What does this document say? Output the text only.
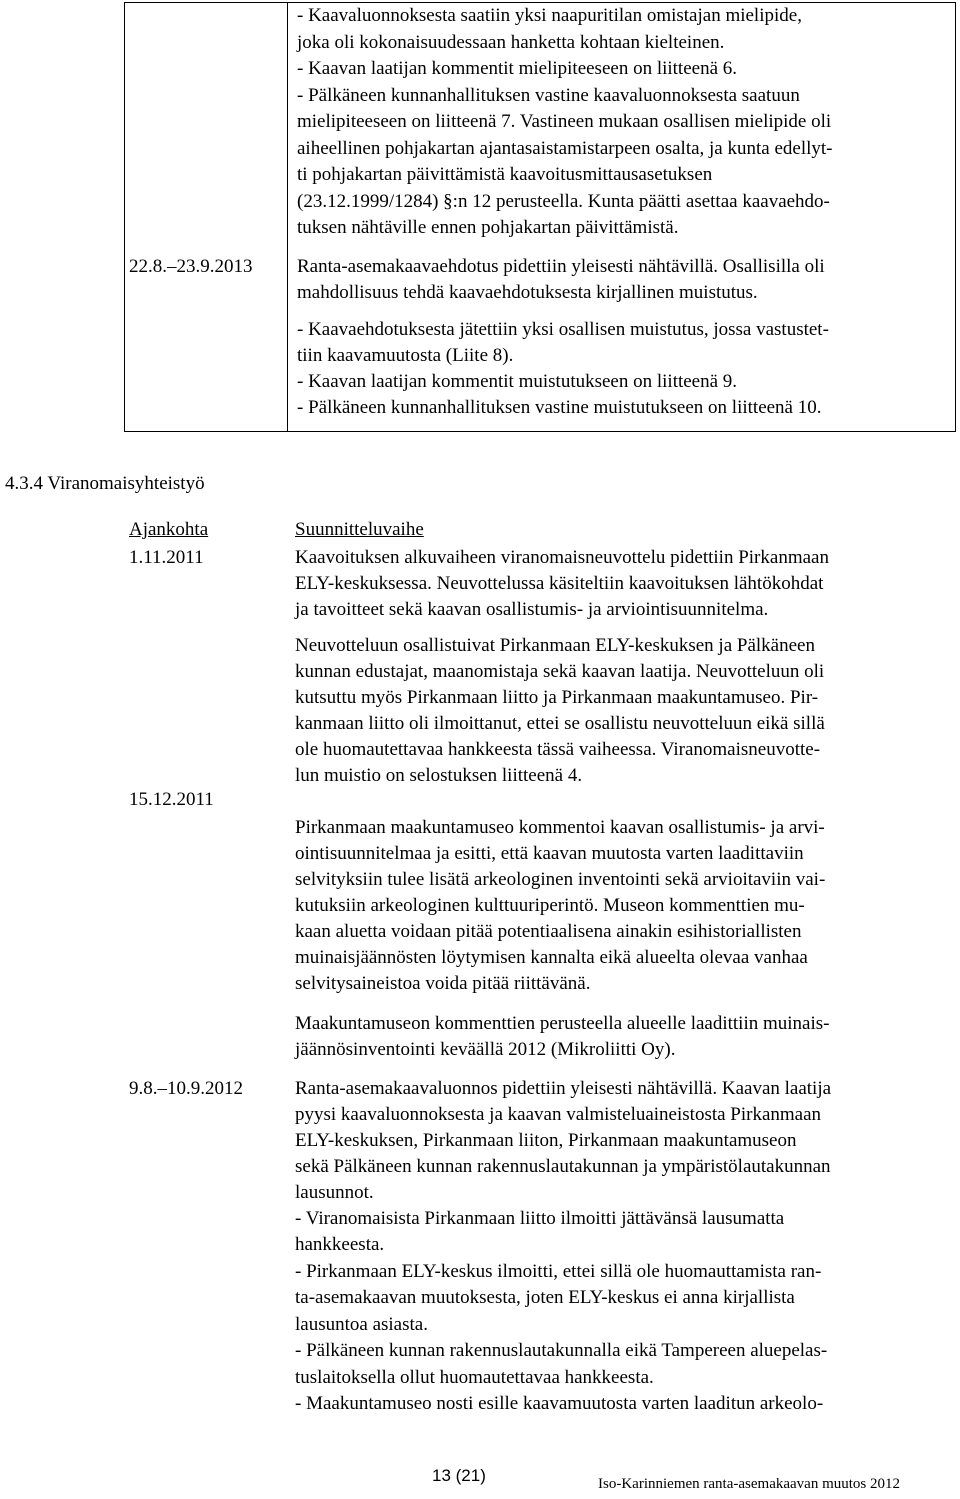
- Kaavaluonnoksesta saatiin yksi naapuritilan omistajan mielipide,
joka oli kokonaisuudessaan hanketta kohtaan kielteinen.
- Kaavan laatijan kommentit mielipiteeseen on liitteenä 6.
- Pälkäneen kunnanhallituksen vastine kaavaluonnoksesta saatuun
mielipiteeseen on liitteenä 7. Vastineen mukaan osallisen mielipide oli
aiheellinen pohjakartan ajantasaistamistarpeen osalta, ja kunta edellyt-
ti pohjakartan päivittämistä kaavoitusmittausasetuksen
(23.12.1999/1284) §:n 12 perusteella. Kunta päätti asettaa kaavaehdo-
tuksen nähtäville ennen pohjakartan päivittämistä.
22.8.–23.9.2013 Ranta-asemakaavaehdotus pidettiin yleisesti nähtävillä. Osallisilla oli
mahdollisuus tehdä kaavaehdotuksesta kirjallinen muistutus.
- Kaavaehdotuksesta jätettiin yksi osallisen muistutus, jossa vastustet-
tiin kaavamuutosta (Liite 8).
- Kaavan laatijan kommentit muistutukseen on liitteenä 9.
- Pälkäneen kunnanhallituksen vastine muistutukseen on liitteenä 10.
4.3.4 Viranomaisyhteistyö
Ajankohta	Suunnitteluvaihe
1.11.2011
15.12.2011
9.8.–10.9.2012
Kaavoituksen alkuvaiheen viranomaisneuvottelu pidettiin Pirkanmaan
ELY-keskuksessa. Neuvottelussa käsiteltiin kaavoituksen lähtökohdat
ja tavoitteet sekä kaavan osallistumis- ja arviointisuunnitelma.
Neuvotteluun osallistuivat Pirkanmaan ELY-keskuksen ja Pälkäneen
kunnan edustajat, maanomistaja sekä kaavan laatija. Neuvotteluun oli
kutsuttu myös Pirkanmaan liitto ja Pirkanmaan maakuntamuseo. Pir-
kanmaan liitto oli ilmoittanut, ettei se osallistu neuvotteluun eikä sillä
ole huomautettavaa hankkeesta tässä vaiheessa. Viranomaisneuvotte-
lun muistio on selostuksen liitteenä 4.
Pirkanmaan maakuntamuseo kommentoi kaavan osallistumis- ja arvi-
ointisuunnitelmaa ja esitti, että kaavan muutosta varten laadittaviin
selvityksiin tulee lisätä arkeologinen inventointi sekä arvioitaviin vai-
kutuksiin arkeologinen kulttuuriperintö. Museon kommenttien mu-
kaan aluetta voidaan pitää potentiaalisena ainakin esihistoriallisten
muinaisjäännösten löytymisen kannalta eikä alueelta olevaa vanhaa
selvitysaineistoa voida pitää riittävänä.
Maakuntamuseon kommenttien perusteella alueelle laadittiin muinais-
jäännösinventointi keväällä 2012 (Mikroliitti Oy).
Ranta-asemakaavaluonnos pidettiin yleisesti nähtävillä. Kaavan laatija
pyysi kaavaluonnoksesta ja kaavan valmisteluaineistosta Pirkanmaan
ELY-keskuksen, Pirkanmaan liiton, Pirkanmaan maakuntamuseon
sekä Pälkäneen kunnan rakennuslautakunnan ja ympäristölautakunnan
lausunnot.
- Viranomaisista Pirkanmaan liitto ilmoitti jättävänsä lausumatta
hankkeesta.
- Pirkanmaan ELY-keskus ilmoitti, ettei sillä ole huomauttamista ran-
ta-asemakaavan muutoksesta, joten ELY-keskus ei anna kirjallista
lausuntoa asiasta.
- Pälkäneen kunnan rakennuslautakunnalla eikä Tampereen aluepelas-
tuslaitoksella ollut huomautettavaa hankkeesta.
- Maakuntamuseo nosti esille kaavamuutosta varten laaditun arkeolo-
13 (21)	Iso-Karinniemen ranta-asemakaavan muutos 2012
